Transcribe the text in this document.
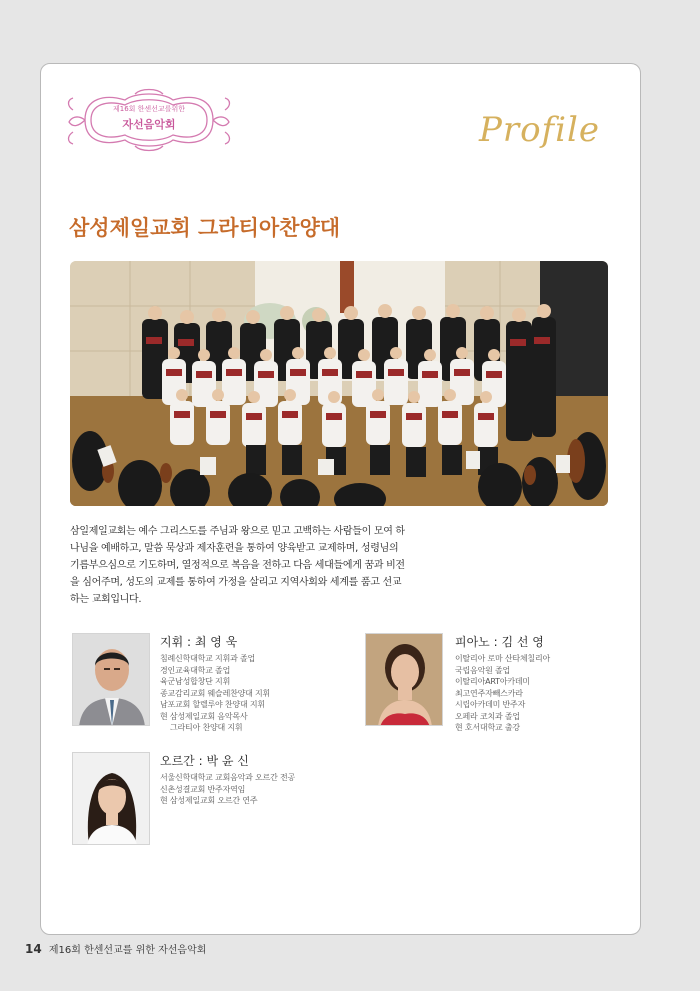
제16회 한센선교를위한
자선음악회	Profile
삼성제일교회 그라티아찬양대
삼일제일교회는 예수 그리스도를 주님과 왕으로 믿고 고백하는 사람들이 모여 하나님을 예배하고, 말씀 묵상과 제자훈련을 통하여 양육받고 교제하며, 성령님의 기름부으심으로 기도하며, 열정적으로 복음을 전하고 다음 세대들에게 꿈과 비전을 심어주며, 성도의 교제를 통하여 가정을 살리고 지역사회와 세계를 품고 선교하는 교회입니다.
지휘 : 최 영 욱
침례신학대학교 지휘과 졸업
경인교육대학교 졸업
육군남성합창단 지휘
종교감리교회 웨슬레찬양대 지휘
남포교회 할렐루야 찬양대 지휘
현 삼성제일교회 음악목사
그라티아 찬양대 지휘
피아노 : 김 선 영
이탈리아 로마 산타체칠리아
국립음악원 졸업
이탈리아ART아카데미
최고연주자빼스카라
시립아카데미 반주자
오페라 코치과 졸업
현 호서대학교 출강
오르간 : 박 윤 신
서울신학대학교 교회음악과 오르간 전공
신촌성결교회 반주자역임
현 삼성제일교회 오르간 연주
14 제16회 한센선교를 위한 자선음악회
